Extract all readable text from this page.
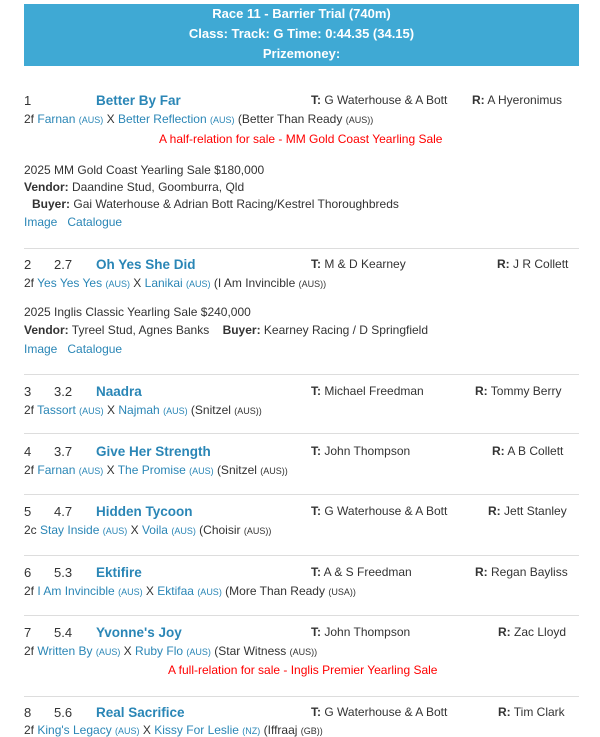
Race 11 - Barrier Trial (740m)
Class: Track: G Time: 0:44.35 (34.15)
Prizemoney:
1	Better By Far	T: G Waterhouse & A Bott R: A Hyeronimus
2f Farnan (AUS) X Better Reflection (AUS) (Better Than Ready (AUS))
A half-relation for sale - MM Gold Coast Yearling Sale
2025 MM Gold Coast Yearling Sale $180,000
Vendor: Daandine Stud, Goomburra, Qld
Buyer: Gai Waterhouse & Adrian Bott Racing/Kestrel Thoroughbreds
Image Catalogue
2 2.7 Oh Yes She Did	T: M & D Kearney	R: J R Collett
2f Yes Yes Yes (AUS) X Lanikai (AUS) (I Am Invincible (AUS))
2025 Inglis Classic Yearling Sale $240,000
Vendor: Tyreel Stud, Agnes Banks Buyer: Kearney Racing / D Springfield
Image Catalogue
3 3.2 Naadra	T: Michael Freedman	R: Tommy Berry
2f Tassort (AUS) X Najmah (AUS) (Snitzel (AUS))
4 3.7 Give Her Strength	T: John Thompson	R: A B Collett
2f Farnan (AUS) X The Promise (AUS) (Snitzel (AUS))
5 4.7 Hidden Tycoon	T: G Waterhouse & A Bott	R: Jett Stanley
2c Stay Inside (AUS) X Voila (AUS) (Choisir (AUS))
6 5.3 Ektifire	T: A & S Freedman	R: Regan Bayliss
2f I Am Invincible (AUS) X Ektifaa (AUS) (More Than Ready (USA))
7 5.4 Yvonne's Joy	T: John Thompson	R: Zac Lloyd
2f Written By (AUS) X Ruby Flo (AUS) (Star Witness (AUS))
A full-relation for sale - Inglis Premier Yearling Sale
8 5.6 Real Sacrifice	T: G Waterhouse & A Bott	R: Tim Clark
2f King's Legacy (AUS) X Kissy For Leslie (NZ) (Iffraaj (GB))
